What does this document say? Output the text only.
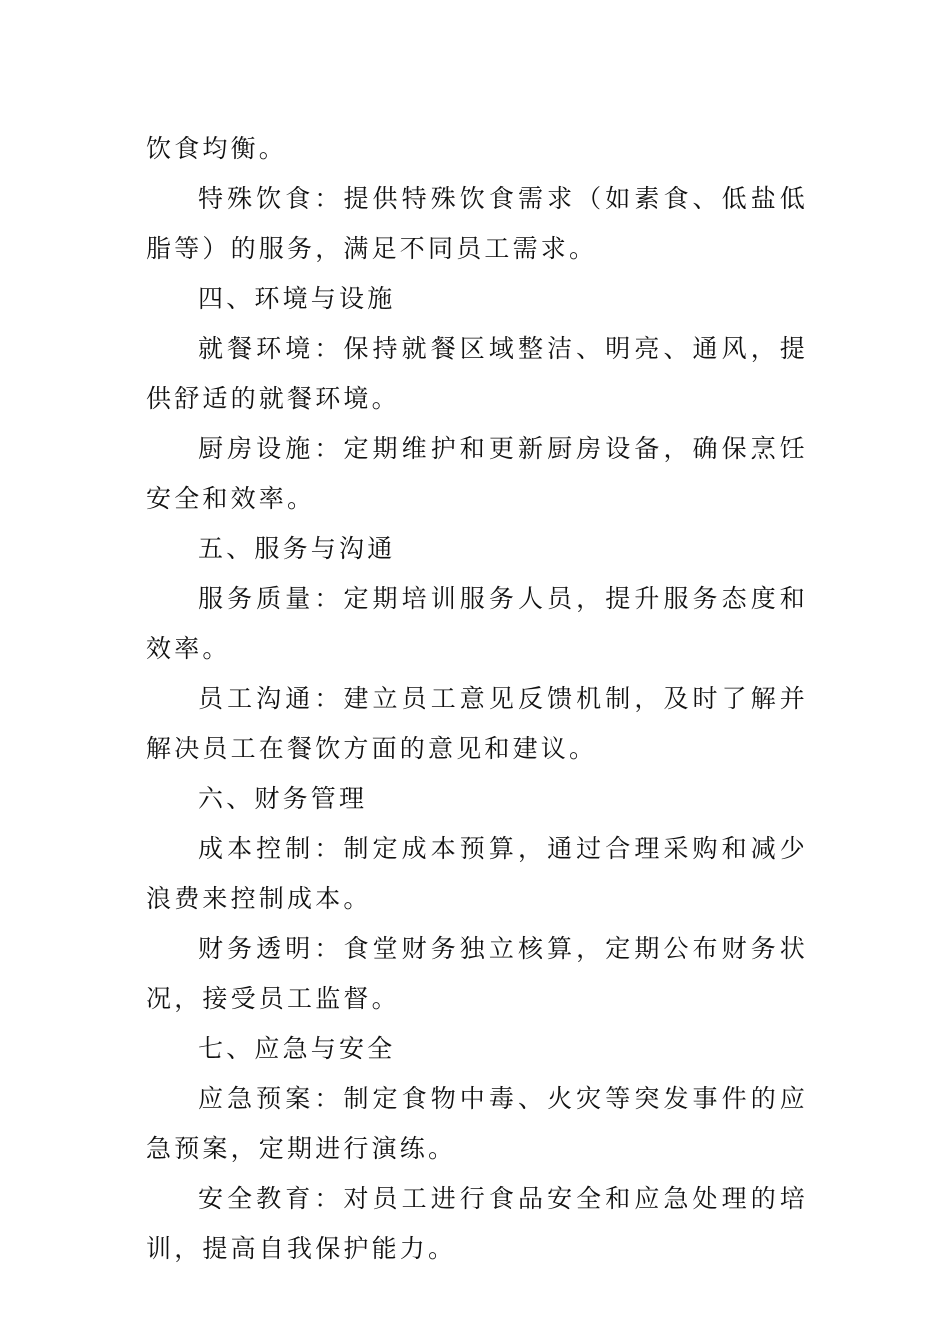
饮食均衡。

特殊饮食：提供特殊饮食需求（如素食、低盐低脂等）的服务，满足不同员工需求。

四、环境与设施

就餐环境：保持就餐区域整洁、明亮、通风，提供舒适的就餐环境。

厨房设施：定期维护和更新厨房设备，确保烹饪安全和效率。

五、服务与沟通

服务质量：定期培训服务人员，提升服务态度和效率。

员工沟通：建立员工意见反馈机制，及时了解并解决员工在餐饮方面的意见和建议。

六、财务管理

成本控制：制定成本预算，通过合理采购和减少浪费来控制成本。

财务透明：食堂财务独立核算，定期公布财务状况，接受员工监督。

七、应急与安全

应急预案：制定食物中毒、火灾等突发事件的应急预案，定期进行演练。

安全教育：对员工进行食品安全和应急处理的培训，提高自我保护能力。
